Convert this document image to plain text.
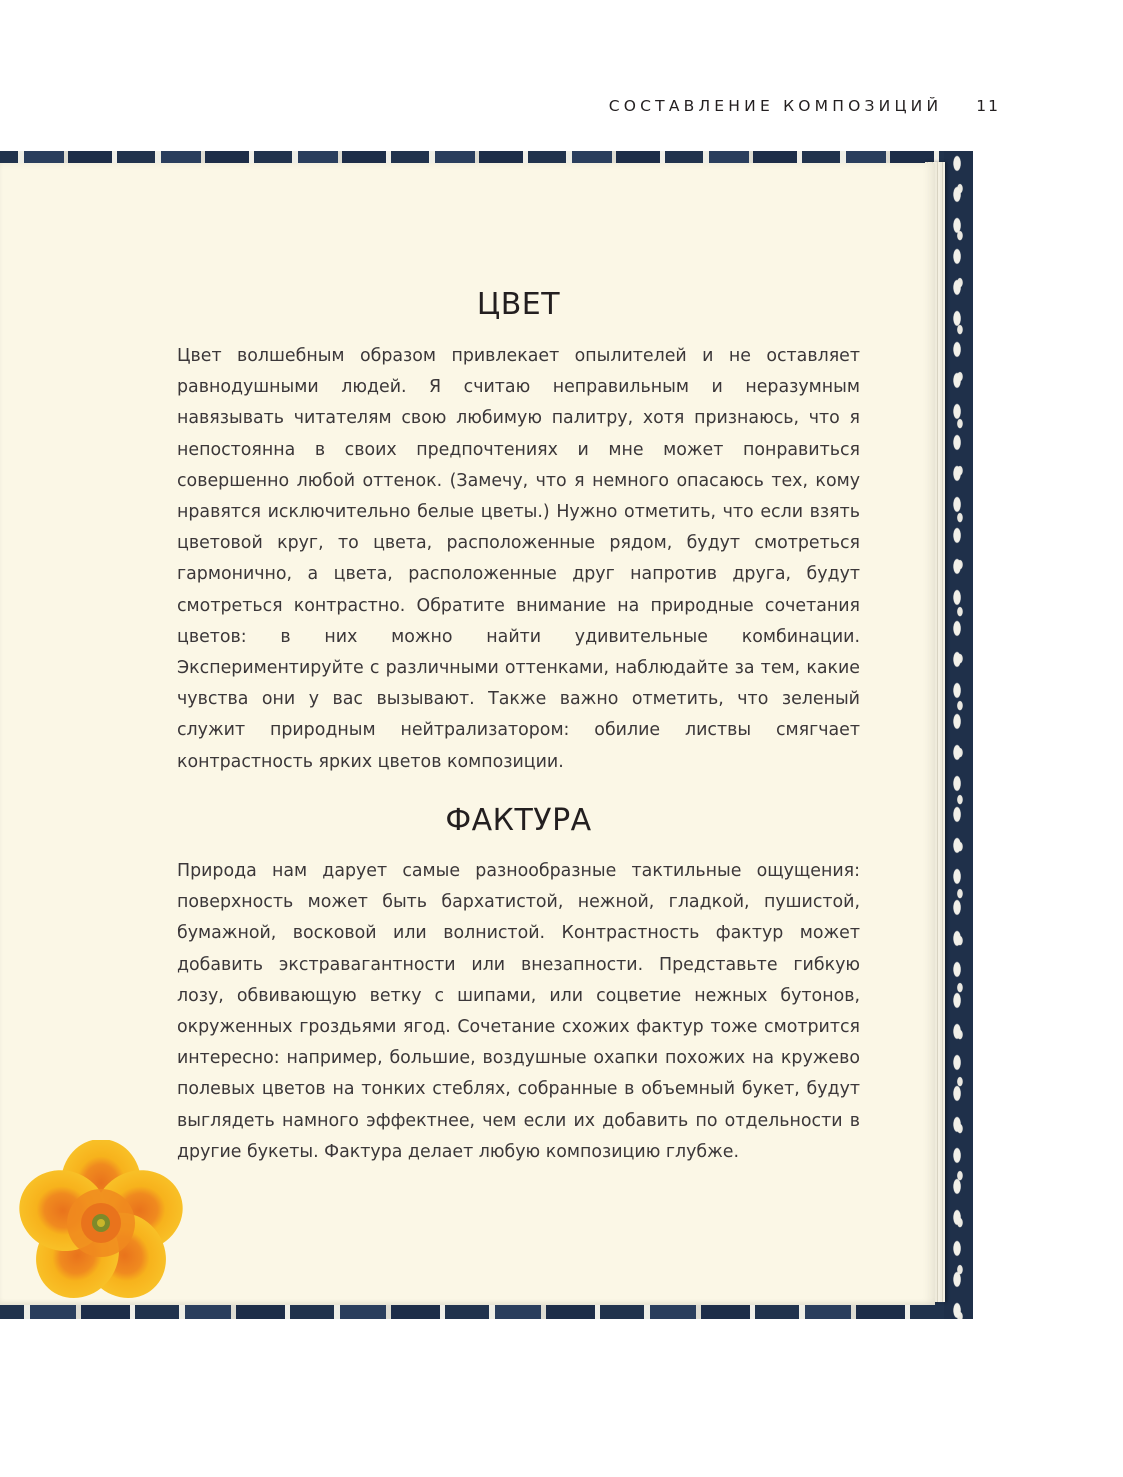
СОСТАВЛЕНИЕ КОМПОЗИЦИЙ 11
ЦВЕТ

Цвет волшебным образом привлекает опылителей и не оставляет равнодушными людей. Я считаю неправильным и неразумным навязывать читателям свою любимую палитру, хотя признаюсь, что я непостоянна в своих предпочтениях и мне может понравиться совершенно любой оттенок. (Замечу, что я немного опасаюсь тех, кому нравятся исключительно белые цветы.) Нужно отметить, что если взять цветовой круг, то цвета, расположенные рядом, будут смотреться гармонично, а цвета, расположенные друг напротив друга, будут смотреться контрастно. Обратите внимание на природные сочетания цветов: в них можно найти удивительные комбинации. Экспериментируйте с различными оттенками, наблюдайте за тем, какие чувства они у вас вызывают. Также важно отметить, что зеленый служит природным нейтрализатором: обилие листвы смягчает контрастность ярких цветов композиции.

ФАКТУРА

Природа нам дарует самые разнообразные тактильные ощущения: поверхность может быть бархатистой, нежной, гладкой, пушистой, бумажной, восковой или волнистой. Контрастность фактур может добавить экстравагантности или внезапности. Представьте гибкую лозу, обвивающую ветку с шипами, или соцветие нежных бутонов, окруженных гроздьями ягод. Сочетание схожих фактур тоже смотрится интересно: например, большие, воздушные охапки похожих на кружево полевых цветов на тонких стеблях, собранные в объемный букет, будут выглядеть намного эффектнее, чем если их добавить по отдельности в другие букеты. Фактура делает любую композицию глубже.
